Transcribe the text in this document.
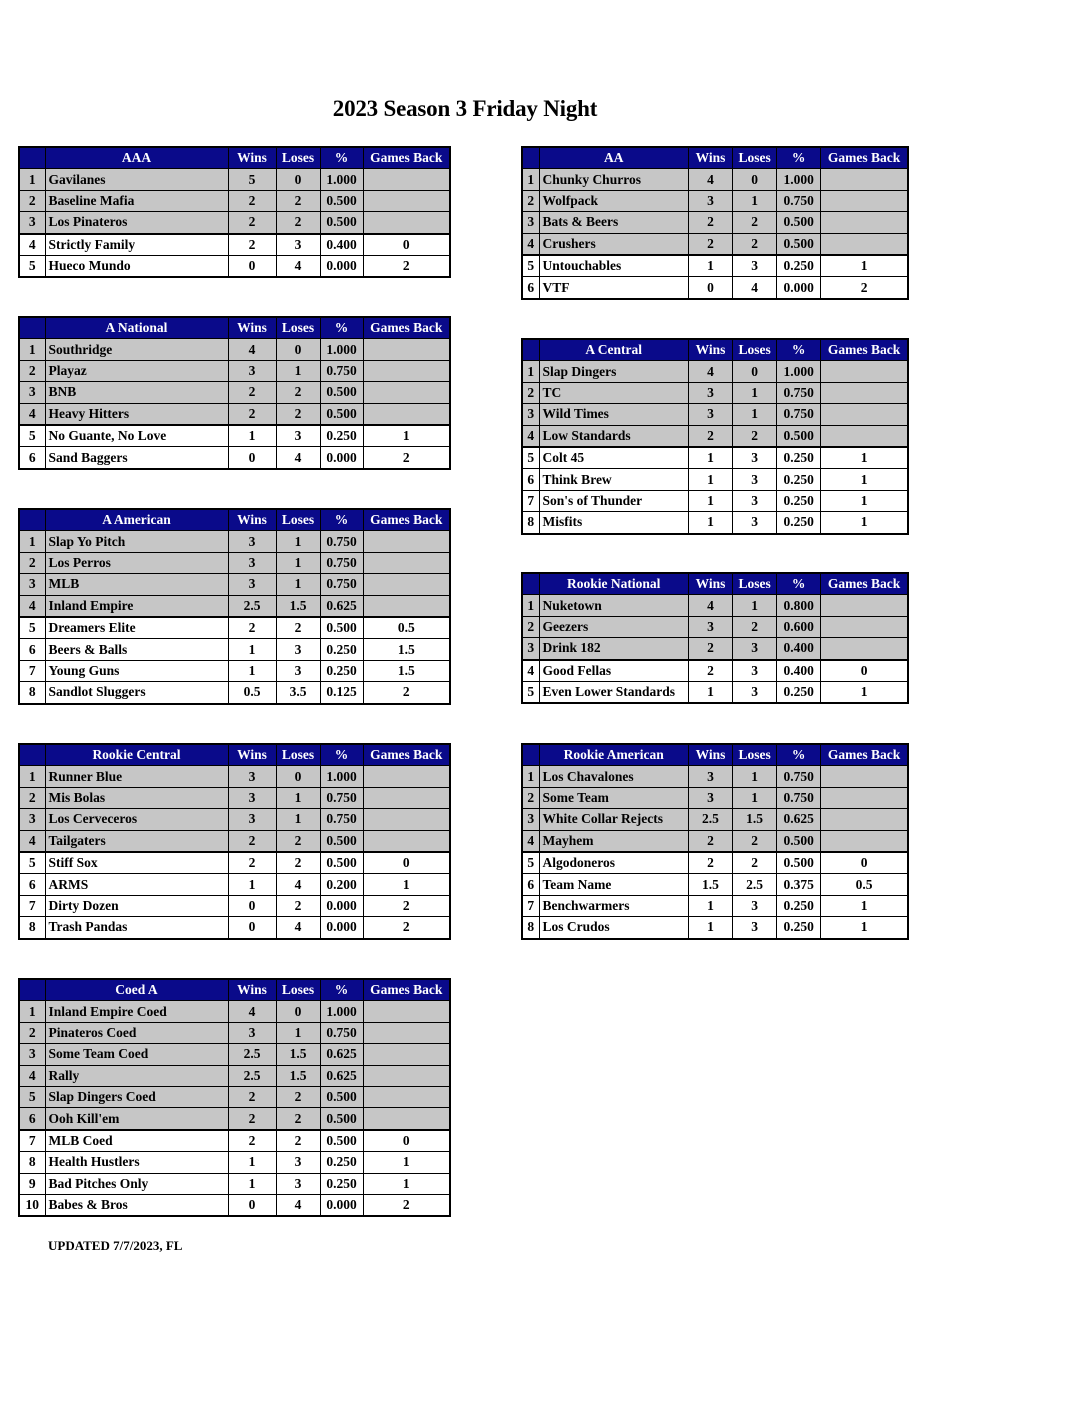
2023 Season 3 Friday Night
	AAA	Wins	Loses	%	Games Back
1	Gavilanes	5	0	1.000	
2	Baseline Mafia	2	2	0.500	
3	Los Pinateros	2	2	0.500	
4	Strictly Family	2	3	0.400	0
5	Hueco Mundo	0	4	0.000	2
	A National	Wins	Loses	%	Games Back
1	Southridge	4	0	1.000	
2	Playaz	3	1	0.750	
3	BNB	2	2	0.500	
4	Heavy Hitters	2	2	0.500	
5	No Guante, No Love	1	3	0.250	1
6	Sand Baggers	0	4	0.000	2
	A American	Wins	Loses	%	Games Back
1	Slap Yo Pitch	3	1	0.750	
2	Los Perros	3	1	0.750	
3	MLB	3	1	0.750	
4	Inland Empire	2.5	1.5	0.625	
5	Dreamers Elite	2	2	0.500	0.5
6	Beers & Balls	1	3	0.250	1.5
7	Young Guns	1	3	0.250	1.5
8	Sandlot Sluggers	0.5	3.5	0.125	2
	Rookie Central	Wins	Loses	%	Games Back
1	Runner Blue	3	0	1.000	
2	Mis Bolas	3	1	0.750	
3	Los Cerveceros	3	1	0.750	
4	Tailgaters	2	2	0.500	
5	Stiff Sox	2	2	0.500	0
6	ARMS	1	4	0.200	1
7	Dirty Dozen	0	2	0.000	2
8	Trash Pandas	0	4	0.000	2
	Coed A	Wins	Loses	%	Games Back
1	Inland Empire Coed	4	0	1.000	
2	Pinateros Coed	3	1	0.750	
3	Some Team Coed	2.5	1.5	0.625	
4	Rally	2.5	1.5	0.625	
5	Slap Dingers Coed	2	2	0.500	
6	Ooh Kill'em	2	2	0.500	
7	MLB Coed	2	2	0.500	0
8	Health Hustlers	1	3	0.250	1
9	Bad Pitches Only	1	3	0.250	1
10	Babes & Bros	0	4	0.000	2
	AA	Wins	Loses	%	Games Back
1	Chunky Churros	4	0	1.000	
2	Wolfpack	3	1	0.750	
3	Bats & Beers	2	2	0.500	
4	Crushers	2	2	0.500	
5	Untouchables	1	3	0.250	1
6	VTF	0	4	0.000	2
	A Central	Wins	Loses	%	Games Back
1	Slap Dingers	4	0	1.000	
2	TC	3	1	0.750	
3	Wild Times	3	1	0.750	
4	Low Standards	2	2	0.500	
5	Colt 45	1	3	0.250	1
6	Think Brew	1	3	0.250	1
7	Son's of Thunder	1	3	0.250	1
8	Misfits	1	3	0.250	1
	Rookie National	Wins	Loses	%	Games Back
1	Nuketown	4	1	0.800	
2	Geezers	3	2	0.600	
3	Drink 182	2	3	0.400	
4	Good Fellas	2	3	0.400	0
5	Even Lower Standards	1	3	0.250	1
	Rookie American	Wins	Loses	%	Games Back
1	Los Chavalones	3	1	0.750	
2	Some Team	3	1	0.750	
3	White Collar Rejects	2.5	1.5	0.625	
4	Mayhem	2	2	0.500	
5	Algodoneros	2	2	0.500	0
6	Team Name	1.5	2.5	0.375	0.5
7	Benchwarmers	1	3	0.250	1
8	Los Crudos	1	3	0.250	1
UPDATED 7/7/2023, FL
